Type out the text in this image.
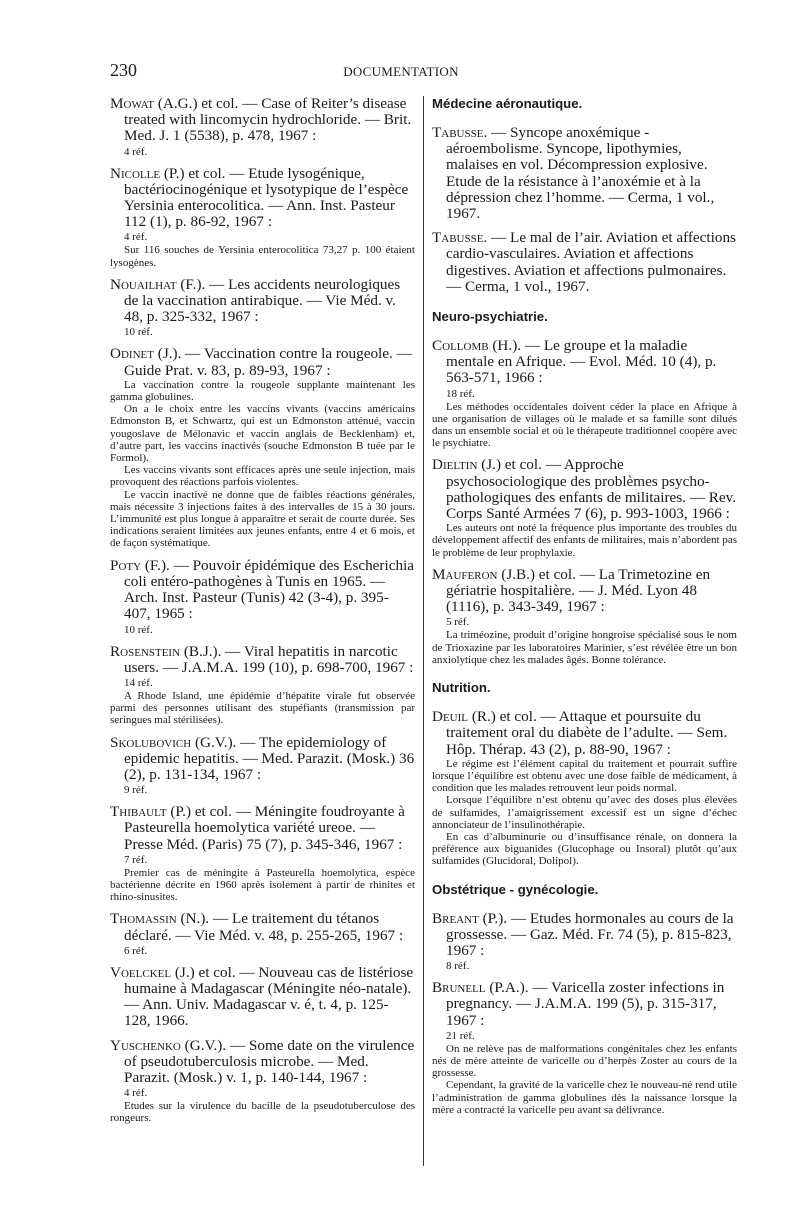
230	DOCUMENTATION
Mowat (A.G.) et col. — Case of Reiter’s disease treated with lincomycin hydrochloride. — Brit. Med. J. 1 (5538), p. 478, 1967 :
4 réf.
Nicolle (P.) et col. — Etude lysogénique, bactériocinogénique et lysotypique de l’espèce Yersinia enterocolitica. — Ann. Inst. Pasteur 112 (1), p. 86-92, 1967 :
4 réf.

Sur 116 souches de Yersinia enterocolitica 73,27 p. 100 étaient lysogènes.

Nouailhat (F.). — Les accidents neurologiques de la vaccination antirabique. — Vie Méd. v. 48, p. 325-332, 1967 :
10 réf.
Odinet (J.). — Vaccination contre la rougeole. — Guide Prat. v. 83, p. 89-93, 1967 :

La vaccination contre la rougeole supplante maintenant les gamma globulines.

On a le choix entre les vaccins vivants (vaccins américains Edmonston B, et Schwartz, qui est un Edmonston atténué, vaccin yougoslave de Mélonavic et vaccin anglais de Becklenham) et, d’autre part, les vaccins inactivés (souche Edmonston B tuée par le Formol).

Les vaccins vivants sont efficaces après une seule injection, mais provoquent des réactions parfois violentes.

Le vaccin inactivé ne donne que de faibles réactions générales, mais nécessite 3 injections faites à des intervalles de 15 à 30 jours. L’immunité est plus longue à apparaître et serait de courte durée. Ses indications seraient limitées aux jeunes enfants, entre 4 et 6 mois, et de façon systématique.

Poty (F.). — Pouvoir épidémique des Escherichia coli entéro-pathogènes à Tunis en 1965. — Arch. Inst. Pasteur (Tunis) 42 (3-4), p. 395-407, 1965 :
10 réf.
Rosenstein (B.J.). — Viral hepatitis in narcotic users. — J.A.M.A. 199 (10), p. 698-700, 1967 :
14 réf.

A Rhode Island, une épidémie d’hépatite virale fut observée parmi des personnes utilisant des stupéfiants (transmission par seringues mal stérilisées).

Skolubovich (G.V.). — The epidemiology of epidemic hepatitis. — Med. Parazit. (Mosk.) 36 (2), p. 131-134, 1967 :
9 réf.
Thibault (P.) et col. — Méningite foudroyante à Pasteurella hoemolytica variété ureoe. — Presse Méd. (Paris) 75 (7), p. 345-346, 1967 :
7 réf.

Premier cas de méningite à Pasteurella hoemolytica, espèce bactérienne décrite en 1960 après isolement à partir de rhinites et rhino-sinusites.

Thomassin (N.). — Le traitement du tétanos déclaré. — Vie Méd. v. 48, p. 255-265, 1967 :
6 réf.
Voelckel (J.) et col. — Nouveau cas de listériose humaine à Madagascar (Méningite néo-natale). — Ann. Univ. Madagascar v. é, t. 4, p. 125-128, 1966.
Yuschenko (G.V.). — Some date on the virulence of pseudotuberculosis microbe. — Med. Parazit. (Mosk.) v. 1, p. 140-144, 1967 :
4 réf.

Etudes sur la virulence du bacille de la pseudotuberculose des rongeurs.

Médecine aéronautique.
Tabusse. — Syncope anoxémique - aéroembolisme. Syncope, lipothymies, malaises en vol. Décompression explosive. Etude de la résistance à l’anoxémie et à la dépression chez l’homme. — Cerma, 1 vol., 1967.
Tabusse. — Le mal de l’air. Aviation et affections cardio-vasculaires. Aviation et affections digestives. Aviation et affections pulmonaires. — Cerma, 1 vol., 1967.
Neuro-psychiatrie.
Collomb (H.). — Le groupe et la maladie mentale en Afrique. — Evol. Méd. 10 (4), p. 563-571, 1966 :
18 réf.

Les méthodes occidentales doivent céder la place en Afrique à une organisation de villages où le malade et sa famille sont dilués dans un ensemble social et où le thérapeute traditionnel coopère avec le psychiatre.

Dieltin (J.) et col. — Approche psychosociologique des problèmes psycho-pathologiques des enfants de militaires. — Rev. Corps Santé Armées 7 (6), p. 993-1003, 1966 :

Les auteurs ont noté la fréquence plus importante des troubles du développement affectif des enfants de militaires, mais n’abordent pas le problème de leur prophylaxie.

Mauferon (J.B.) et col. — La Trimetozine en gériatrie hospitalière. — J. Méd. Lyon 48 (1116), p. 343-349, 1967 :
5 réf.

La triméozine, produit d’origine hongroise spécialisé sous le nom de Trioxazine par les laboratoires Marinier, s’est révélée être un bon anxiolytique chez les malades âgés. Bonne tolérance.

Nutrition.
Deuil (R.) et col. — Attaque et poursuite du traitement oral du diabète de l’adulte. — Sem. Hôp. Thérap. 43 (2), p. 88-90, 1967 :

Le régime est l’élément capital du traitement et pourrait suffire lorsque l’équilibre est obtenu avec une dose faible de médicament, à condition que les malades retrouvent leur poids normal.

Lorsque l’équilibre n’est obtenu qu’avec des doses plus élevées de sulfamides, l’amaigrissement excessif est un signe d’échec annonciateur de l’insulinothérapie.

En cas d’albuminurie ou d’insuffisance rénale, on donnera la préférence aux biguanides (Glucophage ou Insoral) plutôt qu’aux sulfamides (Glucidoral, Dolipol).

Obstétrique - gynécologie.
Breant (P.). — Etudes hormonales au cours de la grossesse. — Gaz. Méd. Fr. 74 (5), p. 815-823, 1967 :
8 réf.
Brunell (P.A.). — Varicella zoster infections in pregnancy. — J.A.M.A. 199 (5), p. 315-317, 1967 :
21 réf.

On ne relève pas de malformations congénitales chez les enfants nés de mère atteinte de varicelle ou d’herpès Zoster au cours de la grossesse.

Cependant, la gravité de la varicelle chez le nouveau-né rend utile l’administration de gamma globulines dès la naissance lorsque la mère a contracté la varicelle peu avant sa délivrance.
